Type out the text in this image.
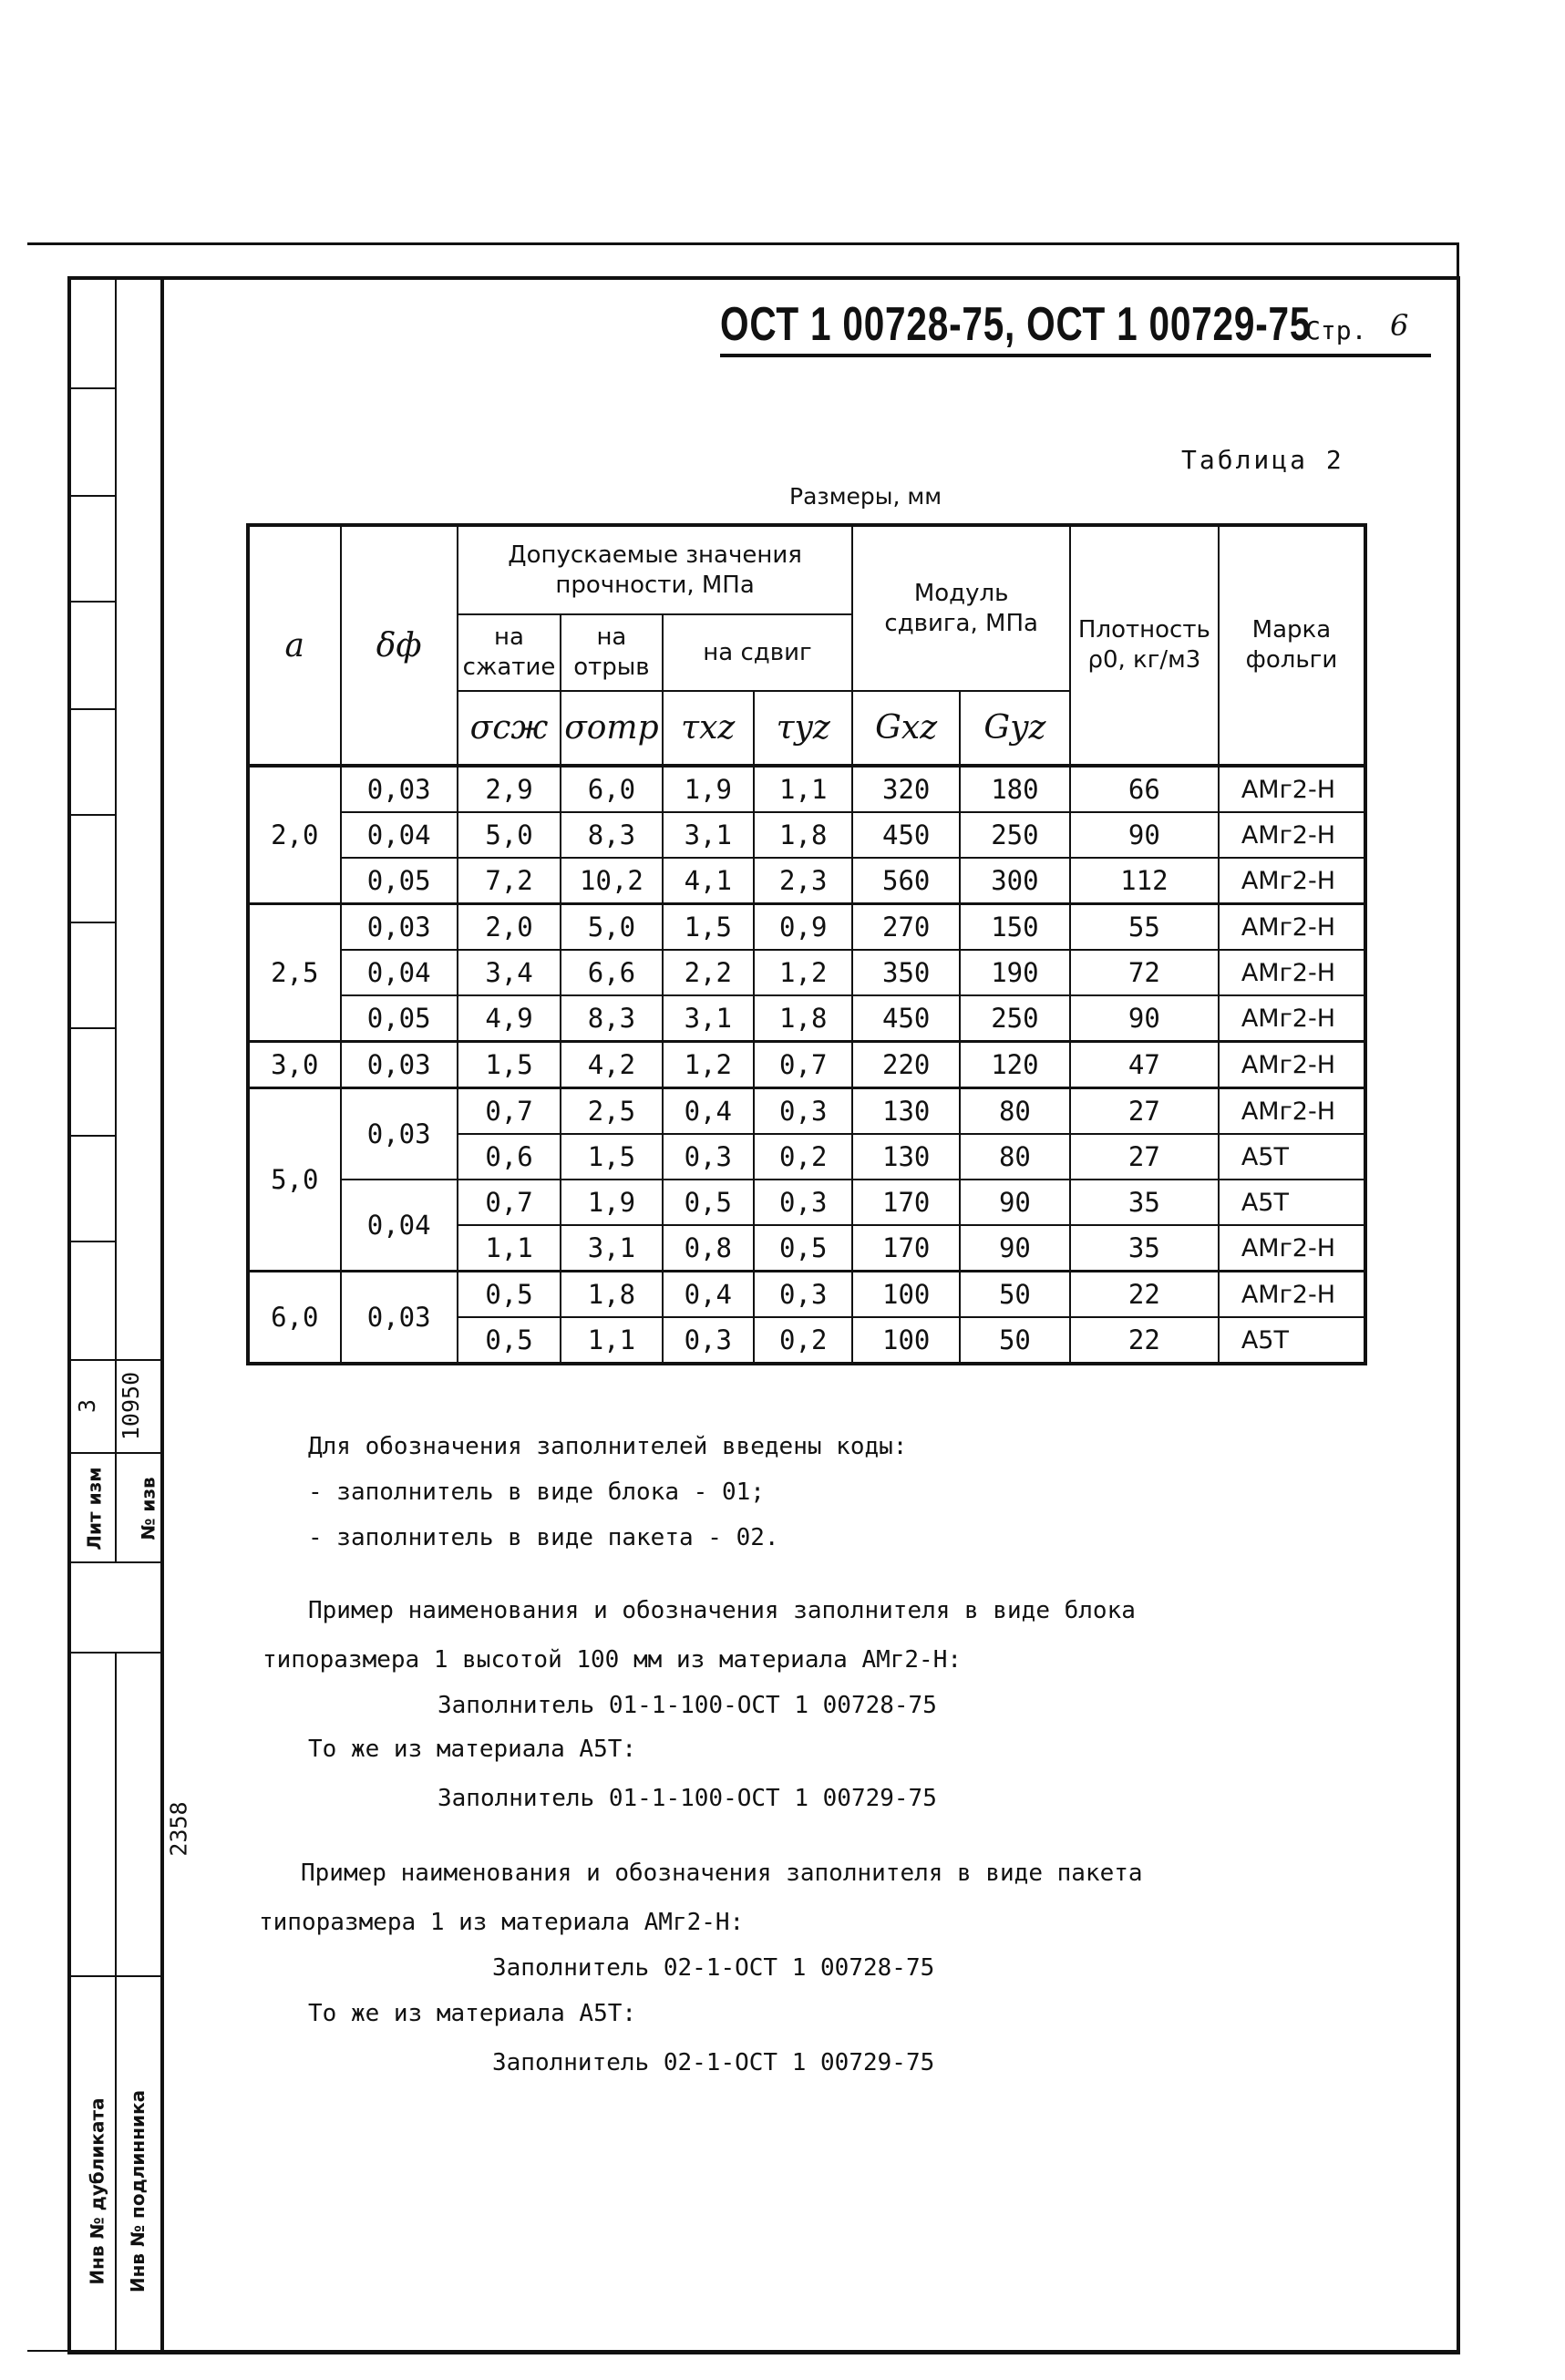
3 10950
Лит изм № изв
2358
Инв № дубликата Инв № подлинника
ОСТ 1 00728-75, ОСТ 1 00729-75
Стр. 6
Таблица 2
Размеры, мм
a	δф	Допускаемые значения прочности, МПа				Модуль сдвига, МПа		Плотность ρ0, кг/м3	Марка фольги
		на сжатие	на отрыв	на сдвиг					
		σсж	σотр	τxz	τyz	Gxz	Gyz		
2,0	0,03	2,9	6,0	1,9	1,1	320	180	66	АМг2-Н
	0,04	5,0	8,3	3,1	1,8	450	250	90	АМг2-Н
	0,05	7,2	10,2	4,1	2,3	560	300	112	АМг2-Н
2,5	0,03	2,0	5,0	1,5	0,9	270	150	55	АМг2-Н
	0,04	3,4	6,6	2,2	1,2	350	190	72	АМг2-Н
	0,05	4,9	8,3	3,1	1,8	450	250	90	АМг2-Н
3,0	0,03	1,5	4,2	1,2	0,7	220	120	47	АМг2-Н
5,0	0,03	0,7	2,5	0,4	0,3	130	80	27	АМг2-Н
		0,6	1,5	0,3	0,2	130	80	27	А5Т
	0,04	0,7	1,9	0,5	0,3	170	90	35	А5Т
		1,1	3,1	0,8	0,5	170	90	35	АМг2-Н
6,0	0,03	0,5	1,8	0,4	0,3	100	50	22	АМг2-Н
		0,5	1,1	0,3	0,2	100	50	22	А5Т
Для обозначения заполнителей введены коды:
- заполнитель в виде блока - 01;
- заполнитель в виде пакета - 02.
Пример наименования и обозначения заполнителя в виде блока
типоразмера 1 высотой 100 мм из материала АМг2-Н:
Заполнитель 01-1-100-ОСТ 1 00728-75
То же из материала А5Т:
Заполнитель 01-1-100-ОСТ 1 00729-75
Пример наименования и обозначения заполнителя в виде пакета
типоразмера 1 из материала АМг2-Н:
Заполнитель 02-1-ОСТ 1 00728-75
То же из материала А5Т:
Заполнитель 02-1-ОСТ 1 00729-75
